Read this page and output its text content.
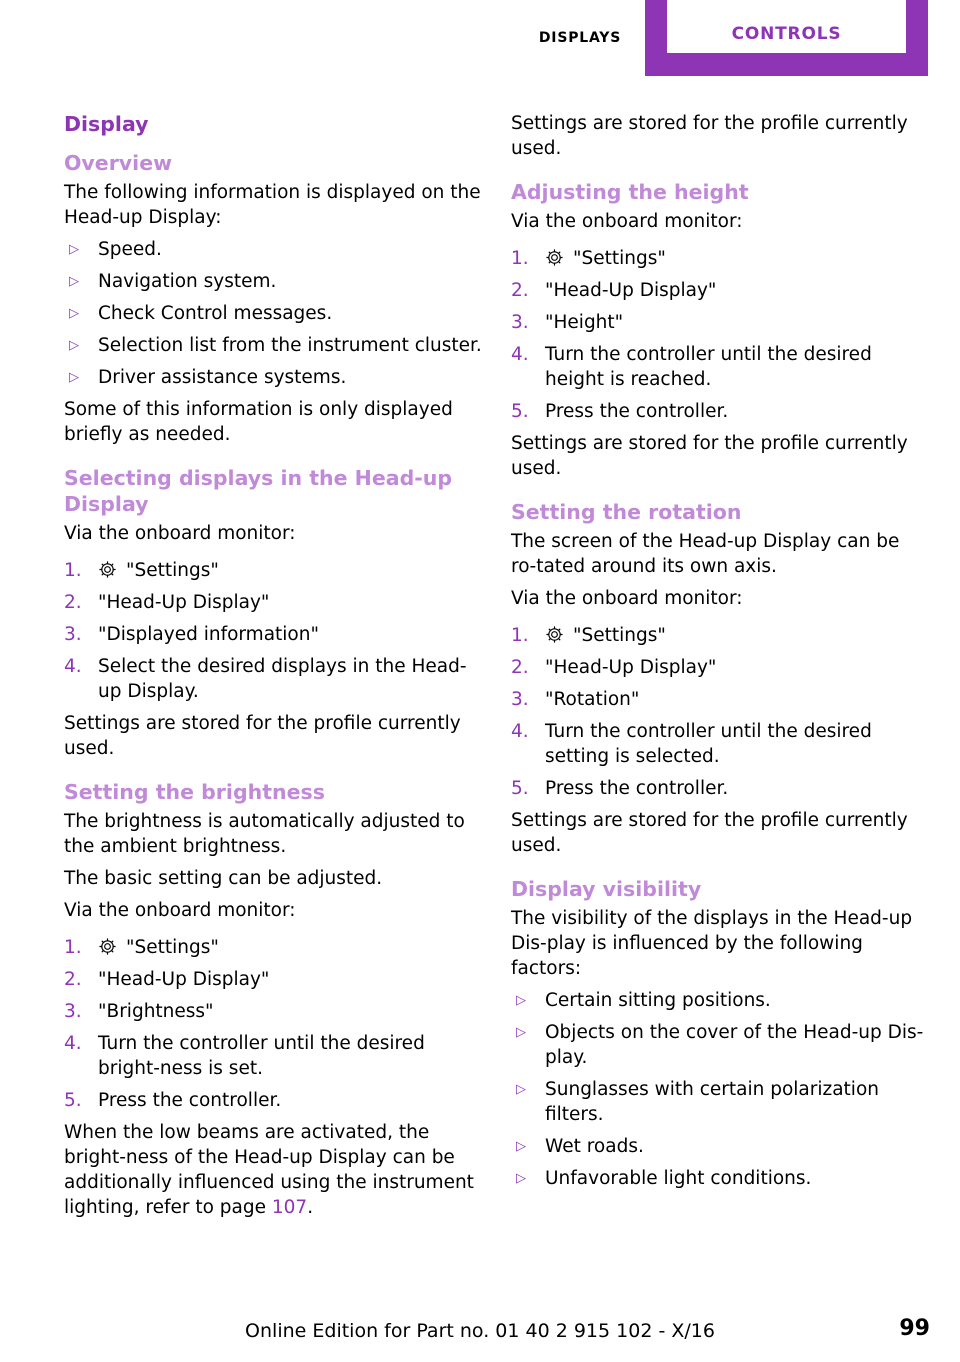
DISPLAYS	CONTROLS
Display
Overview

The following information is displayed on the Head-up Display:

▷ Speed.
▷ Navigation system.
▷ Check Control messages.
▷ Selection list from the instrument cluster.
▷ Driver assistance systems.

Some of this information is only displayed briefly as needed.

Selecting displays in the Head-up Display

Via the onboard monitor:

1. "Settings"
2. "Head-Up Display"
3. "Displayed information"
4. Select the desired displays in the Head-up Display.

Settings are stored for the profile currently used.

Setting the brightness

The brightness is automatically adjusted to the ambient brightness.

The basic setting can be adjusted.

Via the onboard monitor:

1. "Settings"
2. "Head-Up Display"
3. "Brightness"
4. Turn the controller until the desired bright‐ness is set.
5. Press the controller.

When the low beams are activated, the bright‐ness of the Head-up Display can be additionally influenced using the instrument lighting, refer to page 107.

Settings are stored for the profile currently used.

Adjusting the height

Via the onboard monitor:

1. "Settings"
2. "Head-Up Display"
3. "Height"
4. Turn the controller until the desired height is reached.
5. Press the controller.

Settings are stored for the profile currently used.

Setting the rotation

The screen of the Head-up Display can be ro‐tated around its own axis.

Via the onboard monitor:

1. "Settings"
2. "Head-Up Display"
3. "Rotation"
4. Turn the controller until the desired setting is selected.
5. Press the controller.

Settings are stored for the profile currently used.

Display visibility

The visibility of the displays in the Head-up Dis‐play is influenced by the following factors:

▷ Certain sitting positions.
▷ Objects on the cover of the Head-up Dis‐play.
▷ Sunglasses with certain polarization filters.
▷ Wet roads.
▷ Unfavorable light conditions.
Online Edition for Part no. 01 40 2 915 102 - X/16	99
